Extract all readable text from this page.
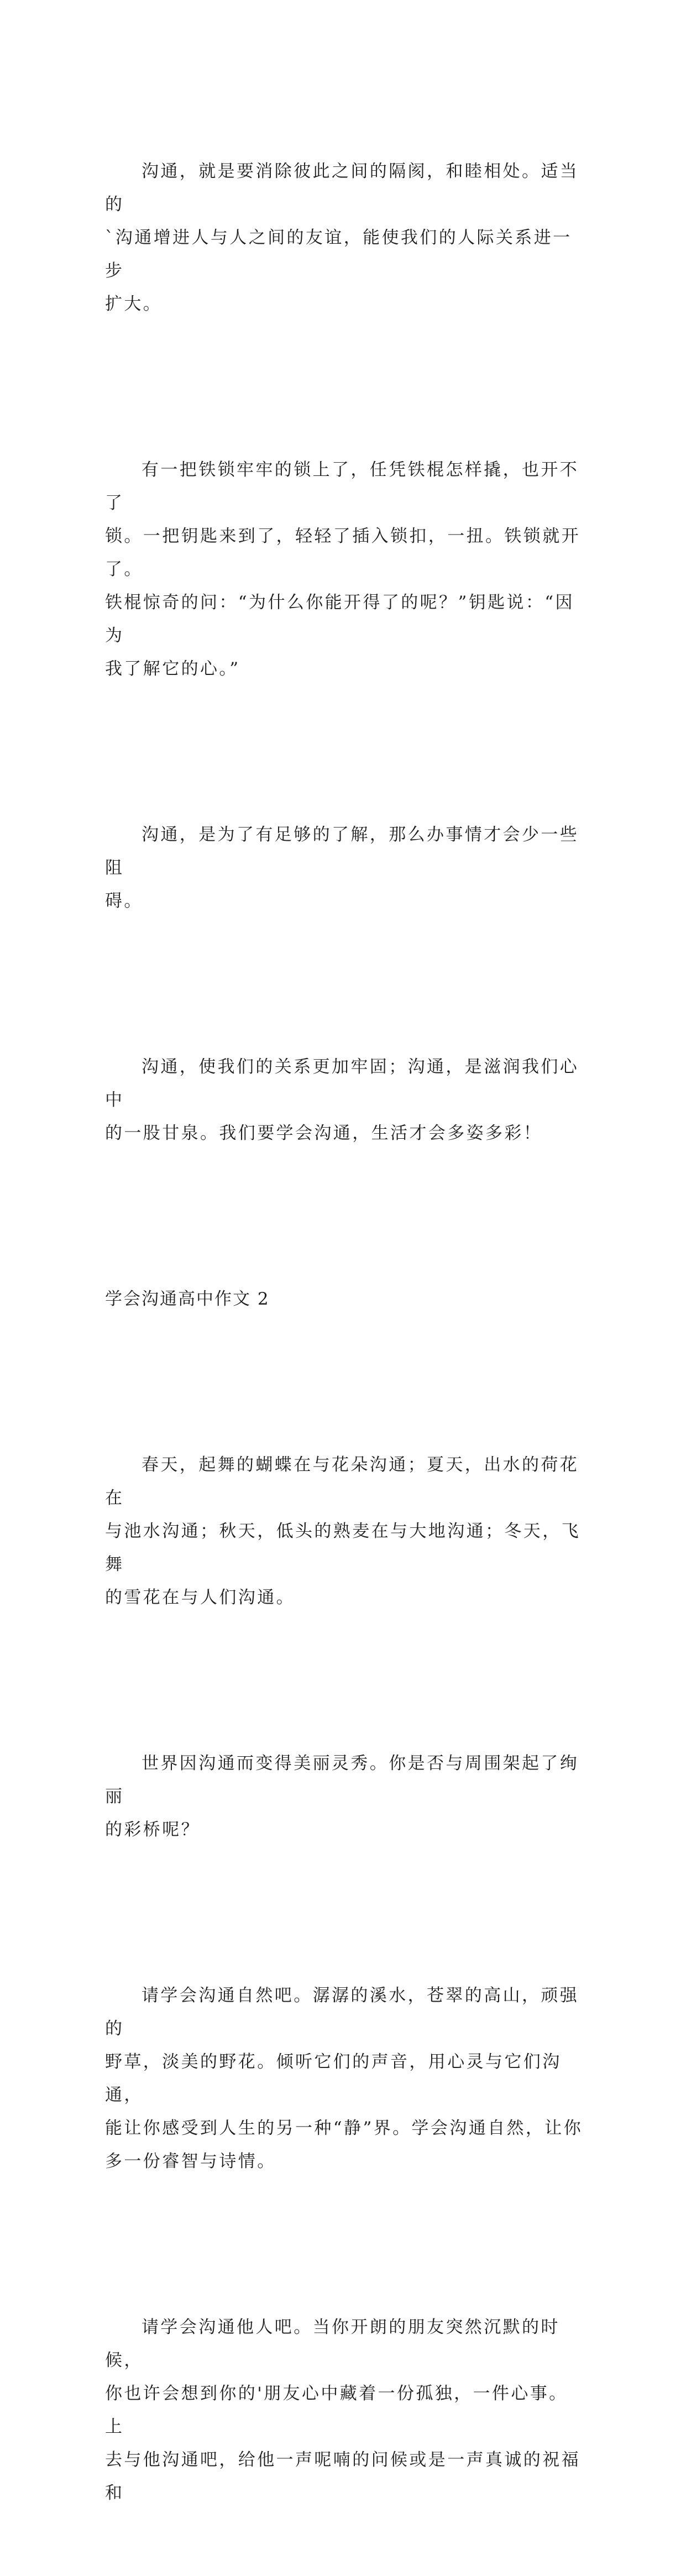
沟通，就是要消除彼此之间的隔阂，和睦相处。适当的
`沟通增进人与人之间的友谊，能使我们的人际关系进一步
扩大。

有一把铁锁牢牢的锁上了，任凭铁棍怎样撬，也开不了
锁。一把钥匙来到了，轻轻了插入锁扣，一扭。铁锁就开了。
铁棍惊奇的问：“为什么你能开得了的呢？”钥匙说：“因为
我了解它的心。”

沟通，是为了有足够的了解，那么办事情才会少一些阻
碍。

沟通，使我们的关系更加牢固；沟通，是滋润我们心中
的一股甘泉。我们要学会沟通，生活才会多姿多彩！

学会沟通高中作文 2

春天，起舞的蝴蝶在与花朵沟通；夏天，出水的荷花在
与池水沟通；秋天，低头的熟麦在与大地沟通；冬天，飞舞
的雪花在与人们沟通。

世界因沟通而变得美丽灵秀。你是否与周围架起了绚丽
的彩桥呢？

请学会沟通自然吧。潺潺的溪水，苍翠的高山，顽强的
野草，淡美的野花。倾听它们的声音，用心灵与它们沟通，
能让你感受到人生的另一种“静”界。学会沟通自然，让你
多一份睿智与诗情。

请学会沟通他人吧。当你开朗的朋友突然沉默的时候，
你也许会想到你的'朋友心中藏着一份孤独，一件心事。上
去与他沟通吧，给他一声呢喃的问候或是一声真诚的祝福和
